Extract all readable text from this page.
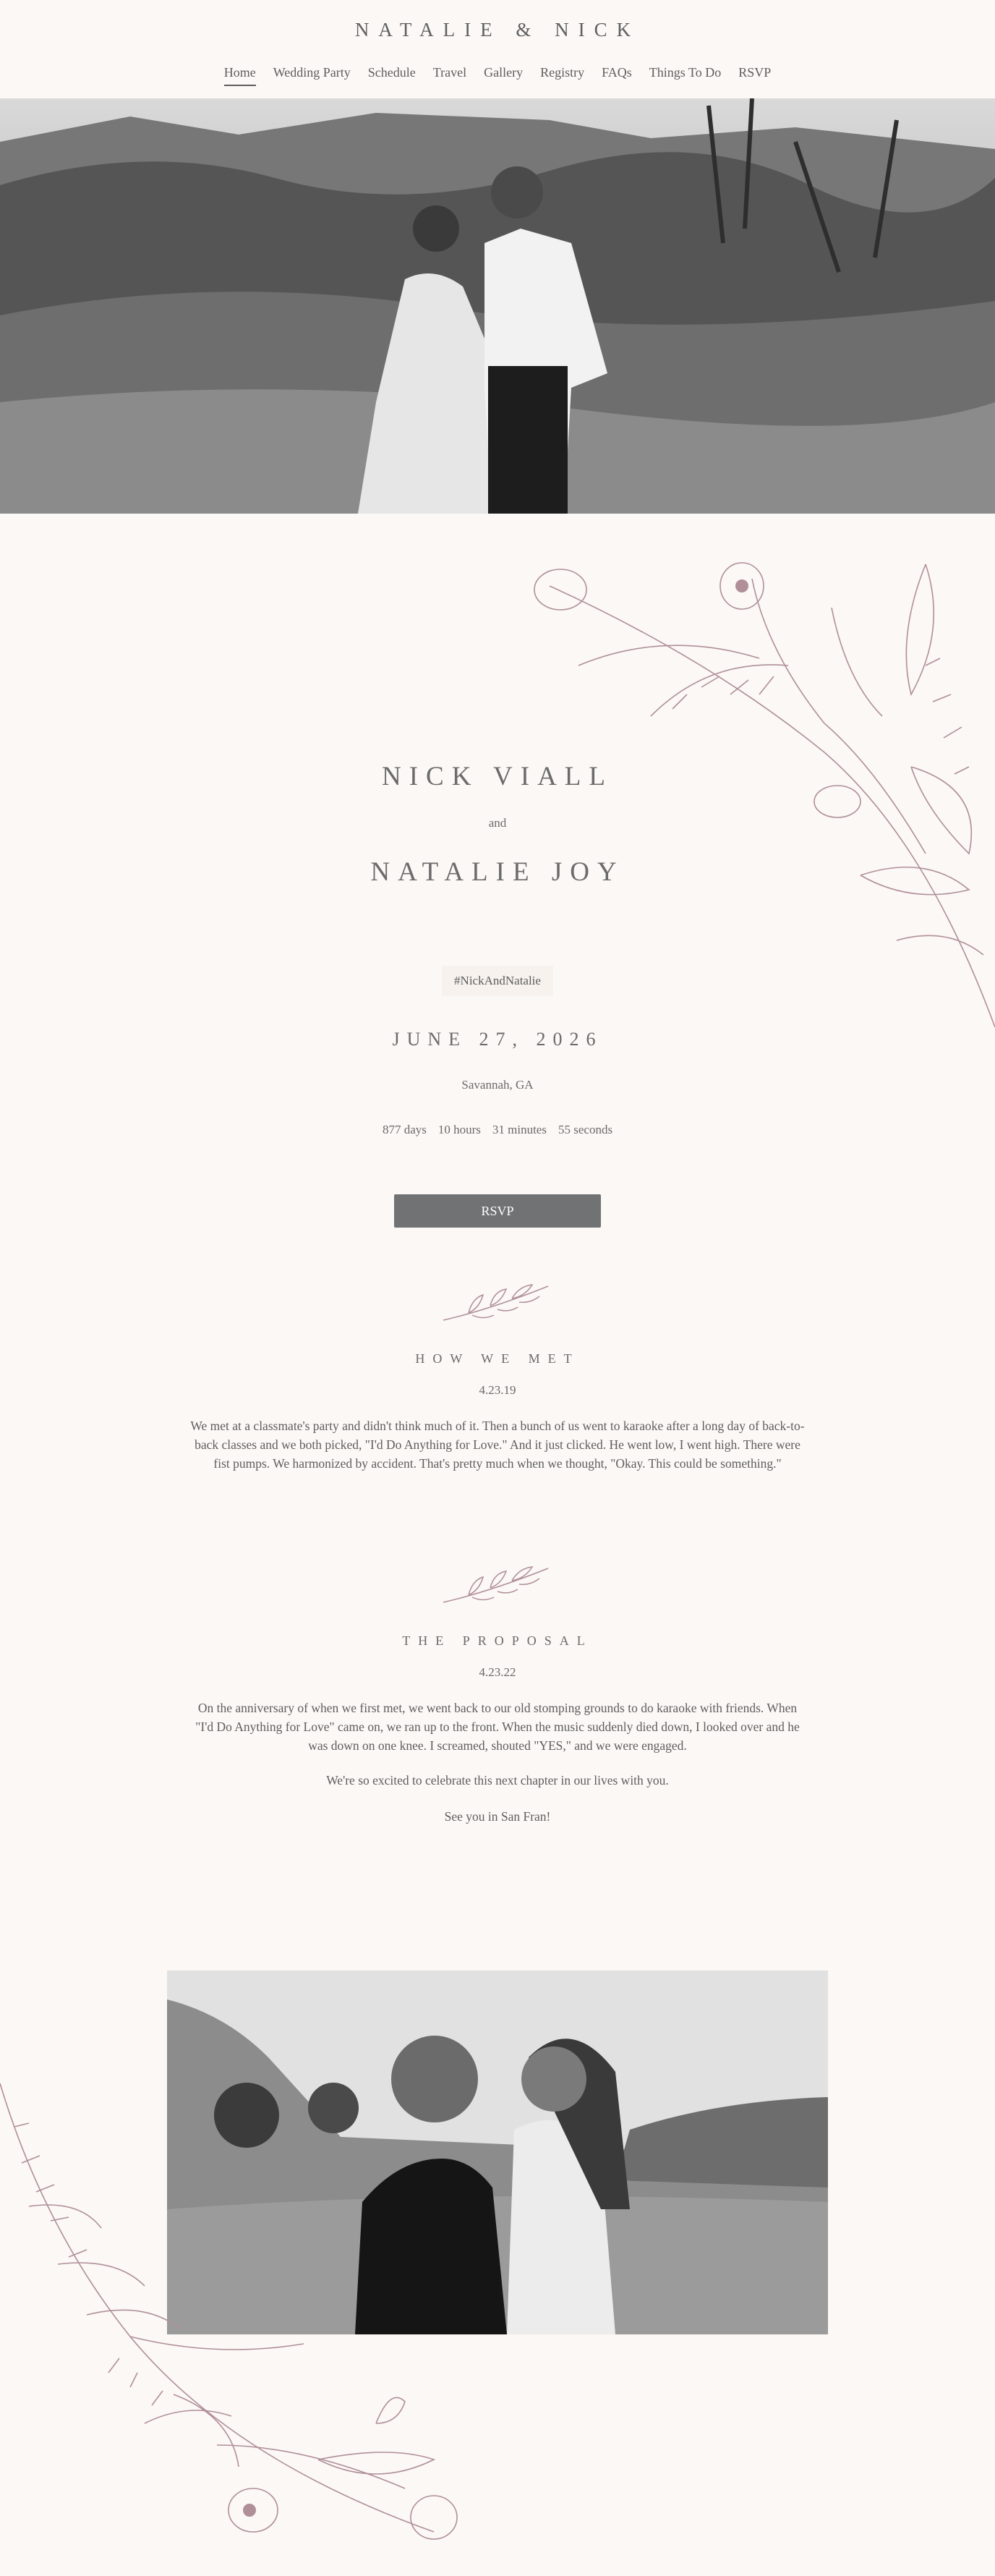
NATALIE & NICK
Home Wedding Party Schedule Travel Gallery Registry FAQs Things To Do RSVP
NICK VIALL
and
NATALIE JOY
#NickAndNatalie
JUNE 27, 2026
Savannah, GA
877 days 10 hours 31 minutes 55 seconds
RSVP
HOW WE MET
4.23.19

We met at a classmate's party and didn't think much of it. Then a bunch of us went to karaoke after a long day of back-to-back classes and we both picked, "I'd Do Anything for Love." And it just clicked. He went low, I went high. There were fist pumps. We harmonized by accident. That's pretty much when we thought, "Okay. This could be something."

THE PROPOSAL
4.23.22

On the anniversary of when we first met, we went back to our old stomping grounds to do karaoke with friends. When "I'd Do Anything for Love" came on, we ran up to the front. When the music suddenly died down, I looked over and he was down on one knee. I screamed, shouted "YES," and we were engaged.

We're so excited to celebrate this next chapter in our lives with you.

See you in San Fran!
